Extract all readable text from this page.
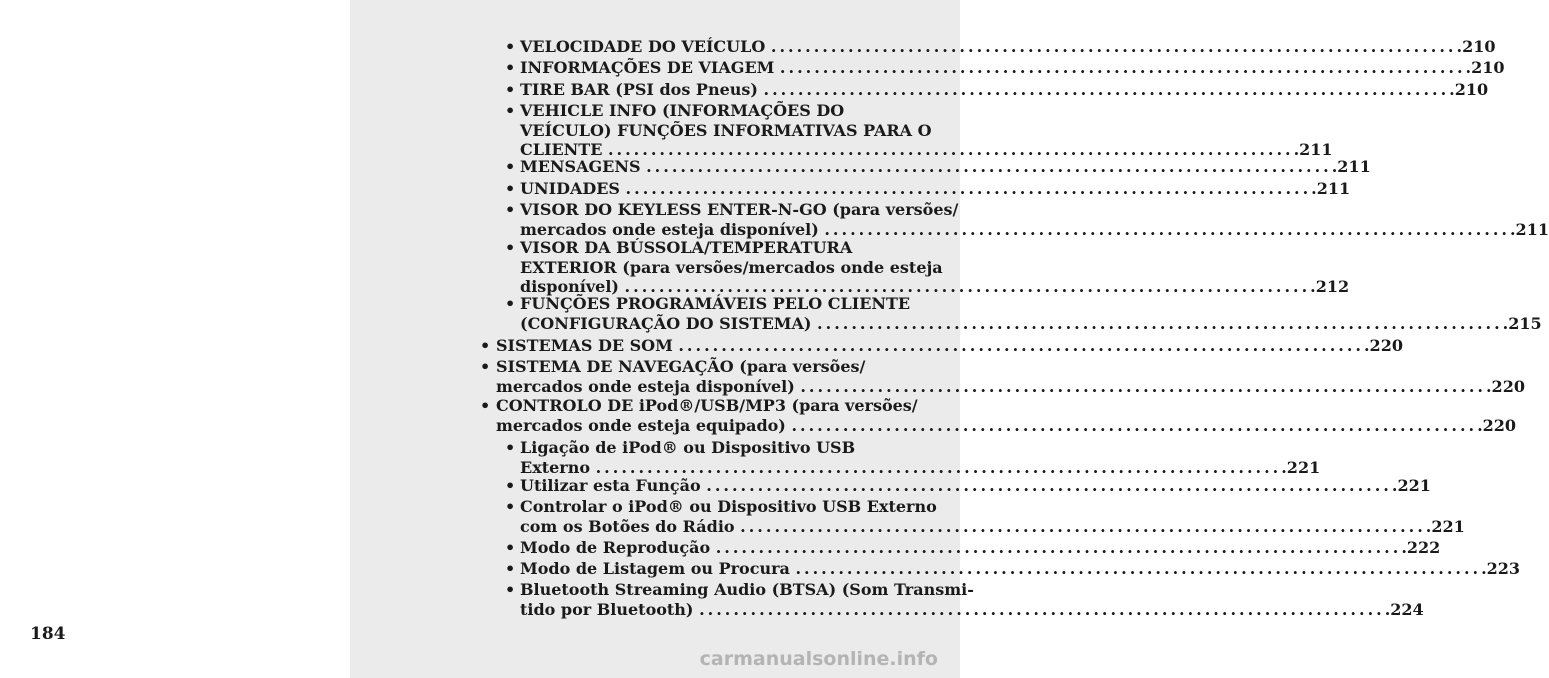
• VELOCIDADE DO VEÍCULO ................................................................................ .210
• INFORMAÇÕES DE VIAGEM ................................................................................ .210
• TIRE BAR (PSI dos Pneus) ................................................................................ .210
• VEHICLE INFO (INFORMAÇÕES DO
VEÍCULO) FUNÇÕES INFORMATIVAS PARA O
CLIENTE ................................................................................ .211
• MENSAGENS ................................................................................ .211
• UNIDADES ................................................................................ .211
• VISOR DO KEYLESS ENTER-N-GO (para versões/
mercados onde esteja disponível) ................................................................................ .211
• VISOR DA BÚSSOLA/TEMPERATURA
EXTERIOR (para versões/mercados onde esteja
disponível) ................................................................................ .212
• FUNÇÕES PROGRAMÁVEIS PELO CLIENTE
(CONFIGURAÇÃO DO SISTEMA) ................................................................................ .215
• SISTEMAS DE SOM ................................................................................ .220
• SISTEMA DE NAVEGAÇÃO (para versões/
mercados onde esteja disponível) ................................................................................ .220
• CONTROLO DE iPod®/USB/MP3 (para versões/
mercados onde esteja equipado) ................................................................................ .220
• Ligação de iPod® ou Dispositivo USB
Externo ................................................................................ .221
• Utilizar esta Função ................................................................................ .221
• Controlar o iPod® ou Dispositivo USB Externo
com os Botões do Rádio ................................................................................ .221
• Modo de Reprodução ................................................................................ .222
• Modo de Listagem ou Procura ................................................................................ .223
• Bluetooth Streaming Audio (BTSA) (Som Transmi-
tido por Bluetooth) ................................................................................ .224
184
carmanualsonline.info
